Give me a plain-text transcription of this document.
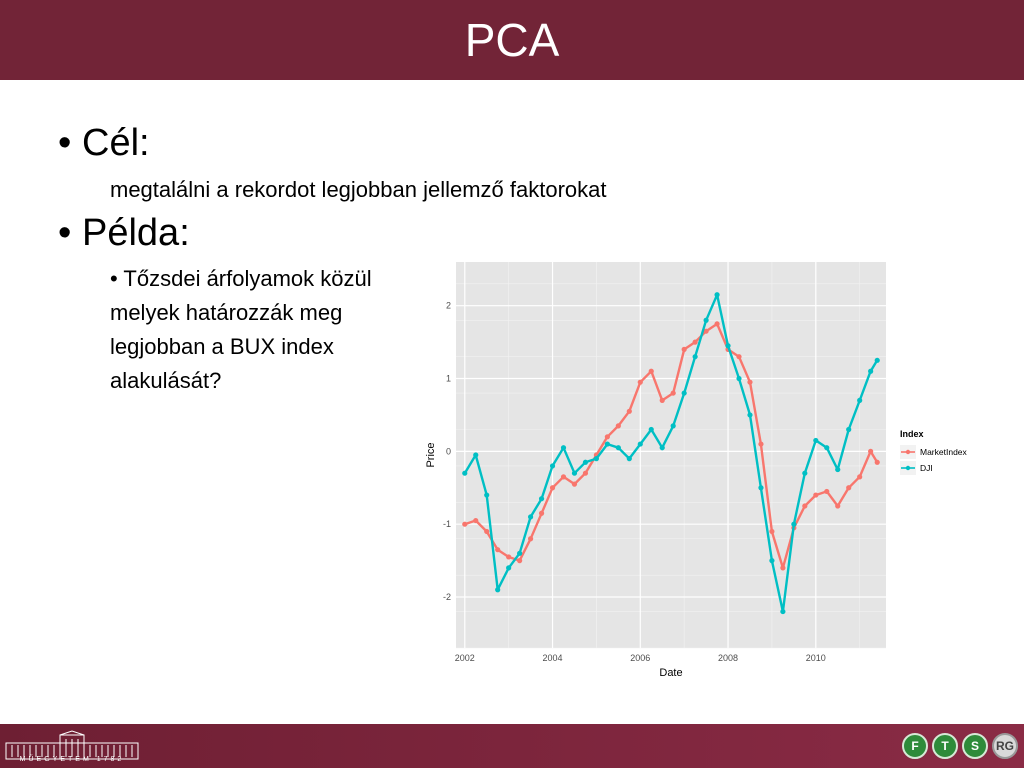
PCA
• Cél:
megtalálni a rekordot legjobban jellemző faktorokat
• Példa:
• Tőzsdei árfolyamok közül
melyek határozzák meg
legjobban a BUX index
alakulását?
-2
-1
0
1
2
2002	2004	2006	2008	2010
Date
Price
Index
MarketIndex
DJI
MŰEGYETEM 1782
F	T	S	RG
